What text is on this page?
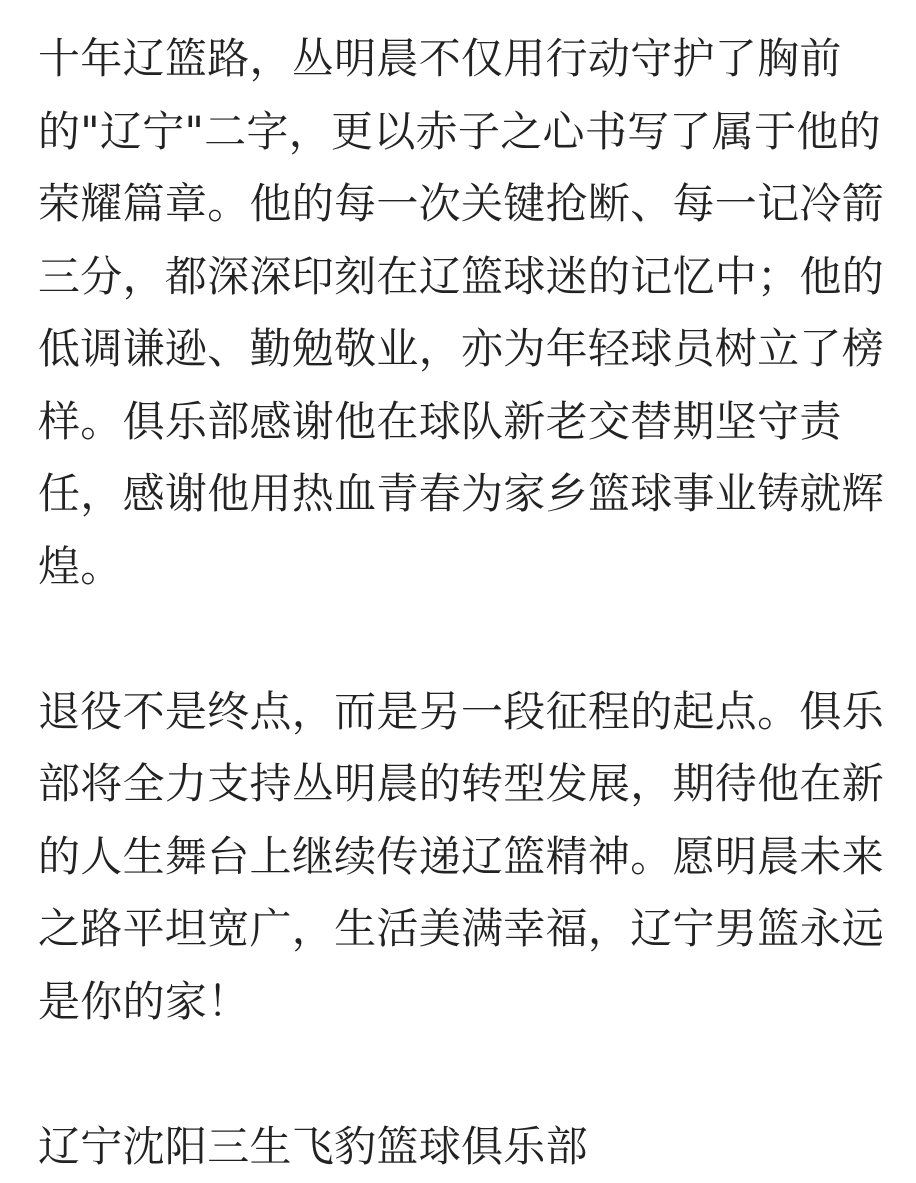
十年辽篮路，丛明晨不仅用行动守护了胸前
的"辽宁"二字，更以赤子之心书写了属于他的
荣耀篇章。他的每一次关键抢断、每一记冷箭
三分，都深深印刻在辽篮球迷的记忆中；他的
低调谦逊、勤勉敬业，亦为年轻球员树立了榜
样。俱乐部感谢他在球队新老交替期坚守责
任，感谢他用热血青春为家乡篮球事业铸就辉
煌。
退役不是终点，而是另一段征程的起点。俱乐
部将全力支持丛明晨的转型发展，期待他在新
的人生舞台上继续传递辽篮精神。愿明晨未来
之路平坦宽广，生活美满幸福，辽宁男篮永远
是你的家！
辽宁沈阳三生飞豹篮球俱乐部
